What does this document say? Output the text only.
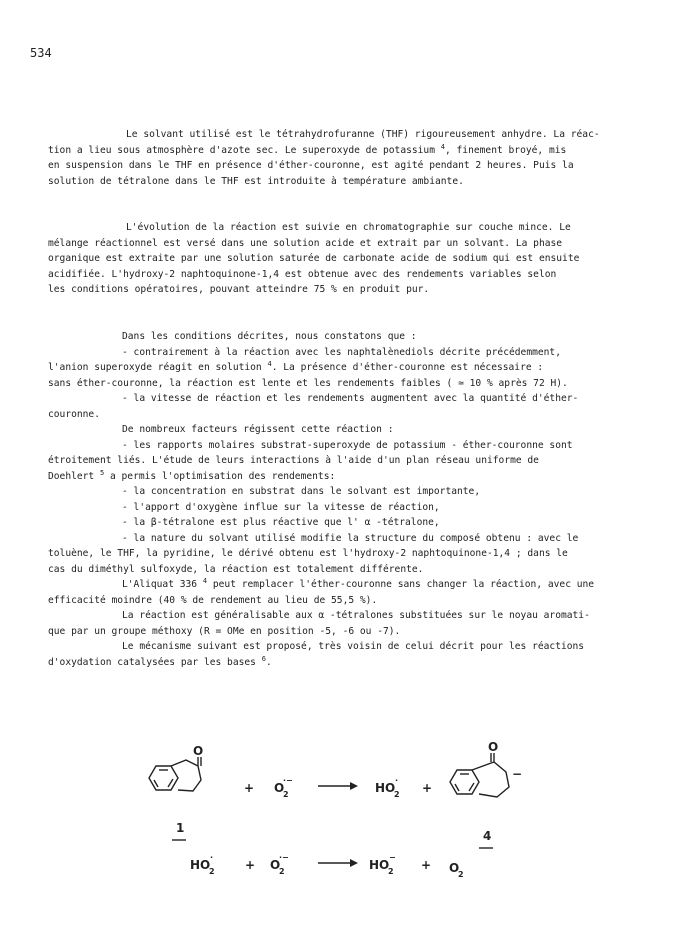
534
Le solvant utilisé est le tétrahydrofuranne (THF) rigoureusement anhydre. La réac-
tion a lieu sous atmosphère d'azote sec. Le superoxyde de potassium $^4$, finement broyé, mis
en suspension dans le THF en présence d'éther-couronne, est agité pendant 2 heures. Puis la
solution de tétralone dans le THF est introduite à température ambiante.
L'évolution de la réaction est suivie en chromatographie sur couche mince. Le
mélange réactionnel est versé dans une solution acide et extrait par un solvant. La phase
organique est extraite par une solution saturée de carbonate acide de sodium qui est ensuite
acidifiée. L'hydroxy-2 naphtoquinone-1,4 est obtenue avec des rendements variables selon
les conditions opératoires, pouvant atteindre 75 % en produit pur.
Dans les conditions décrites, nous constatons que :
- contrairement à la réaction avec les naphtalènediols décrite précédemment,
l'anion superoxyde réagit en solution $^4$. La présence d'éther-couronne est nécessaire :
sans éther-couronne, la réaction est lente et les rendements faibles ( ≃ 10 % après 72 H).
- la vitesse de réaction et les rendements augmentent avec la quantité d'éther-
couronne.
De nombreux facteurs régissent cette réaction :
- les rapports molaires substrat-superoxyde de potassium - éther-couronne sont
étroitement liés. L'étude de leurs interactions à l'aide d'un plan réseau uniforme de
Doehlert $^5$ a permis l'optimisation des rendements:
- la concentration en substrat dans le solvant est importante,
- l'apport d'oxygène influe sur la vitesse de réaction,
- la β-tétralone est plus réactive que l' α -tétralone,
- la nature du solvant utilisé modifie la structure du composé obtenu : avec le
toluène, le THF, la pyridine, le dérivé obtenu est l'hydroxy-2 naphtoquinone-1,4 ; dans le
cas du diméthyl sulfoxyde, la réaction est totalement différente.
L'Aliquat 336 $^4$ peut remplacer l'éther-couronne sans changer la réaction, avec une
efficacité moindre (40 % de rendement au lieu de 55,5 %).
La réaction est généralisable aux α -tétralones substituées sur le noyau aromati-
que par un groupe méthoxy (R = OMe en position -5, -6 ou -7).
Le mécanisme suivant est proposé, très voisin de celui décrit pour les réactions
d'oxydation catalysées par les bases $^6$.
O
1
+ O
2
·−
HO
2
·
+
O
−
4
HO
2
·
+ O
2
·−
HO
2
−
+ O
2
